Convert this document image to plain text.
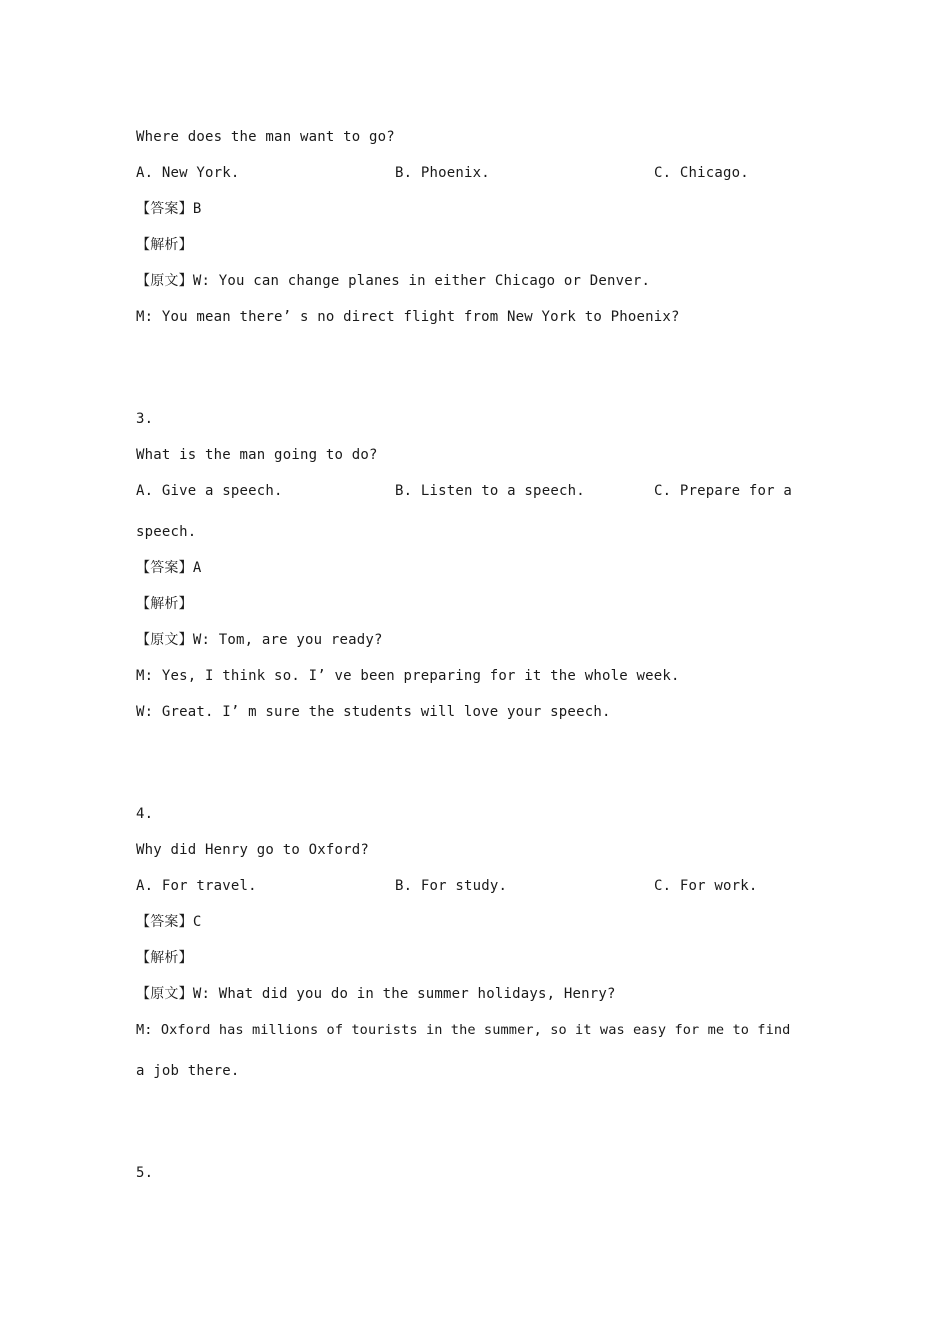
Where does the man want to go?
A. New York.	B. Phoenix.	C. Chicago.
【答案】B
【解析】
【原文】W: You can change planes in either Chicago or Denver.
M: You mean there’ s no direct flight from New York to Phoenix?
3.
What is the man going to do?
A. Give a speech.	B. Listen to a speech.	C. Prepare for a
speech.
【答案】A
【解析】
【原文】W: Tom, are you ready?
M: Yes, I think so. I’ ve been preparing for it the whole week.
W: Great. I’ m sure the students will love your speech.
4.
Why did Henry go to Oxford?
A. For travel.	B. For study.	C. For work.
【答案】C
【解析】
【原文】W: What did you do in the summer holidays, Henry?
M: Oxford has millions of tourists in the summer, so it was easy for me to find
a job there.
5.
